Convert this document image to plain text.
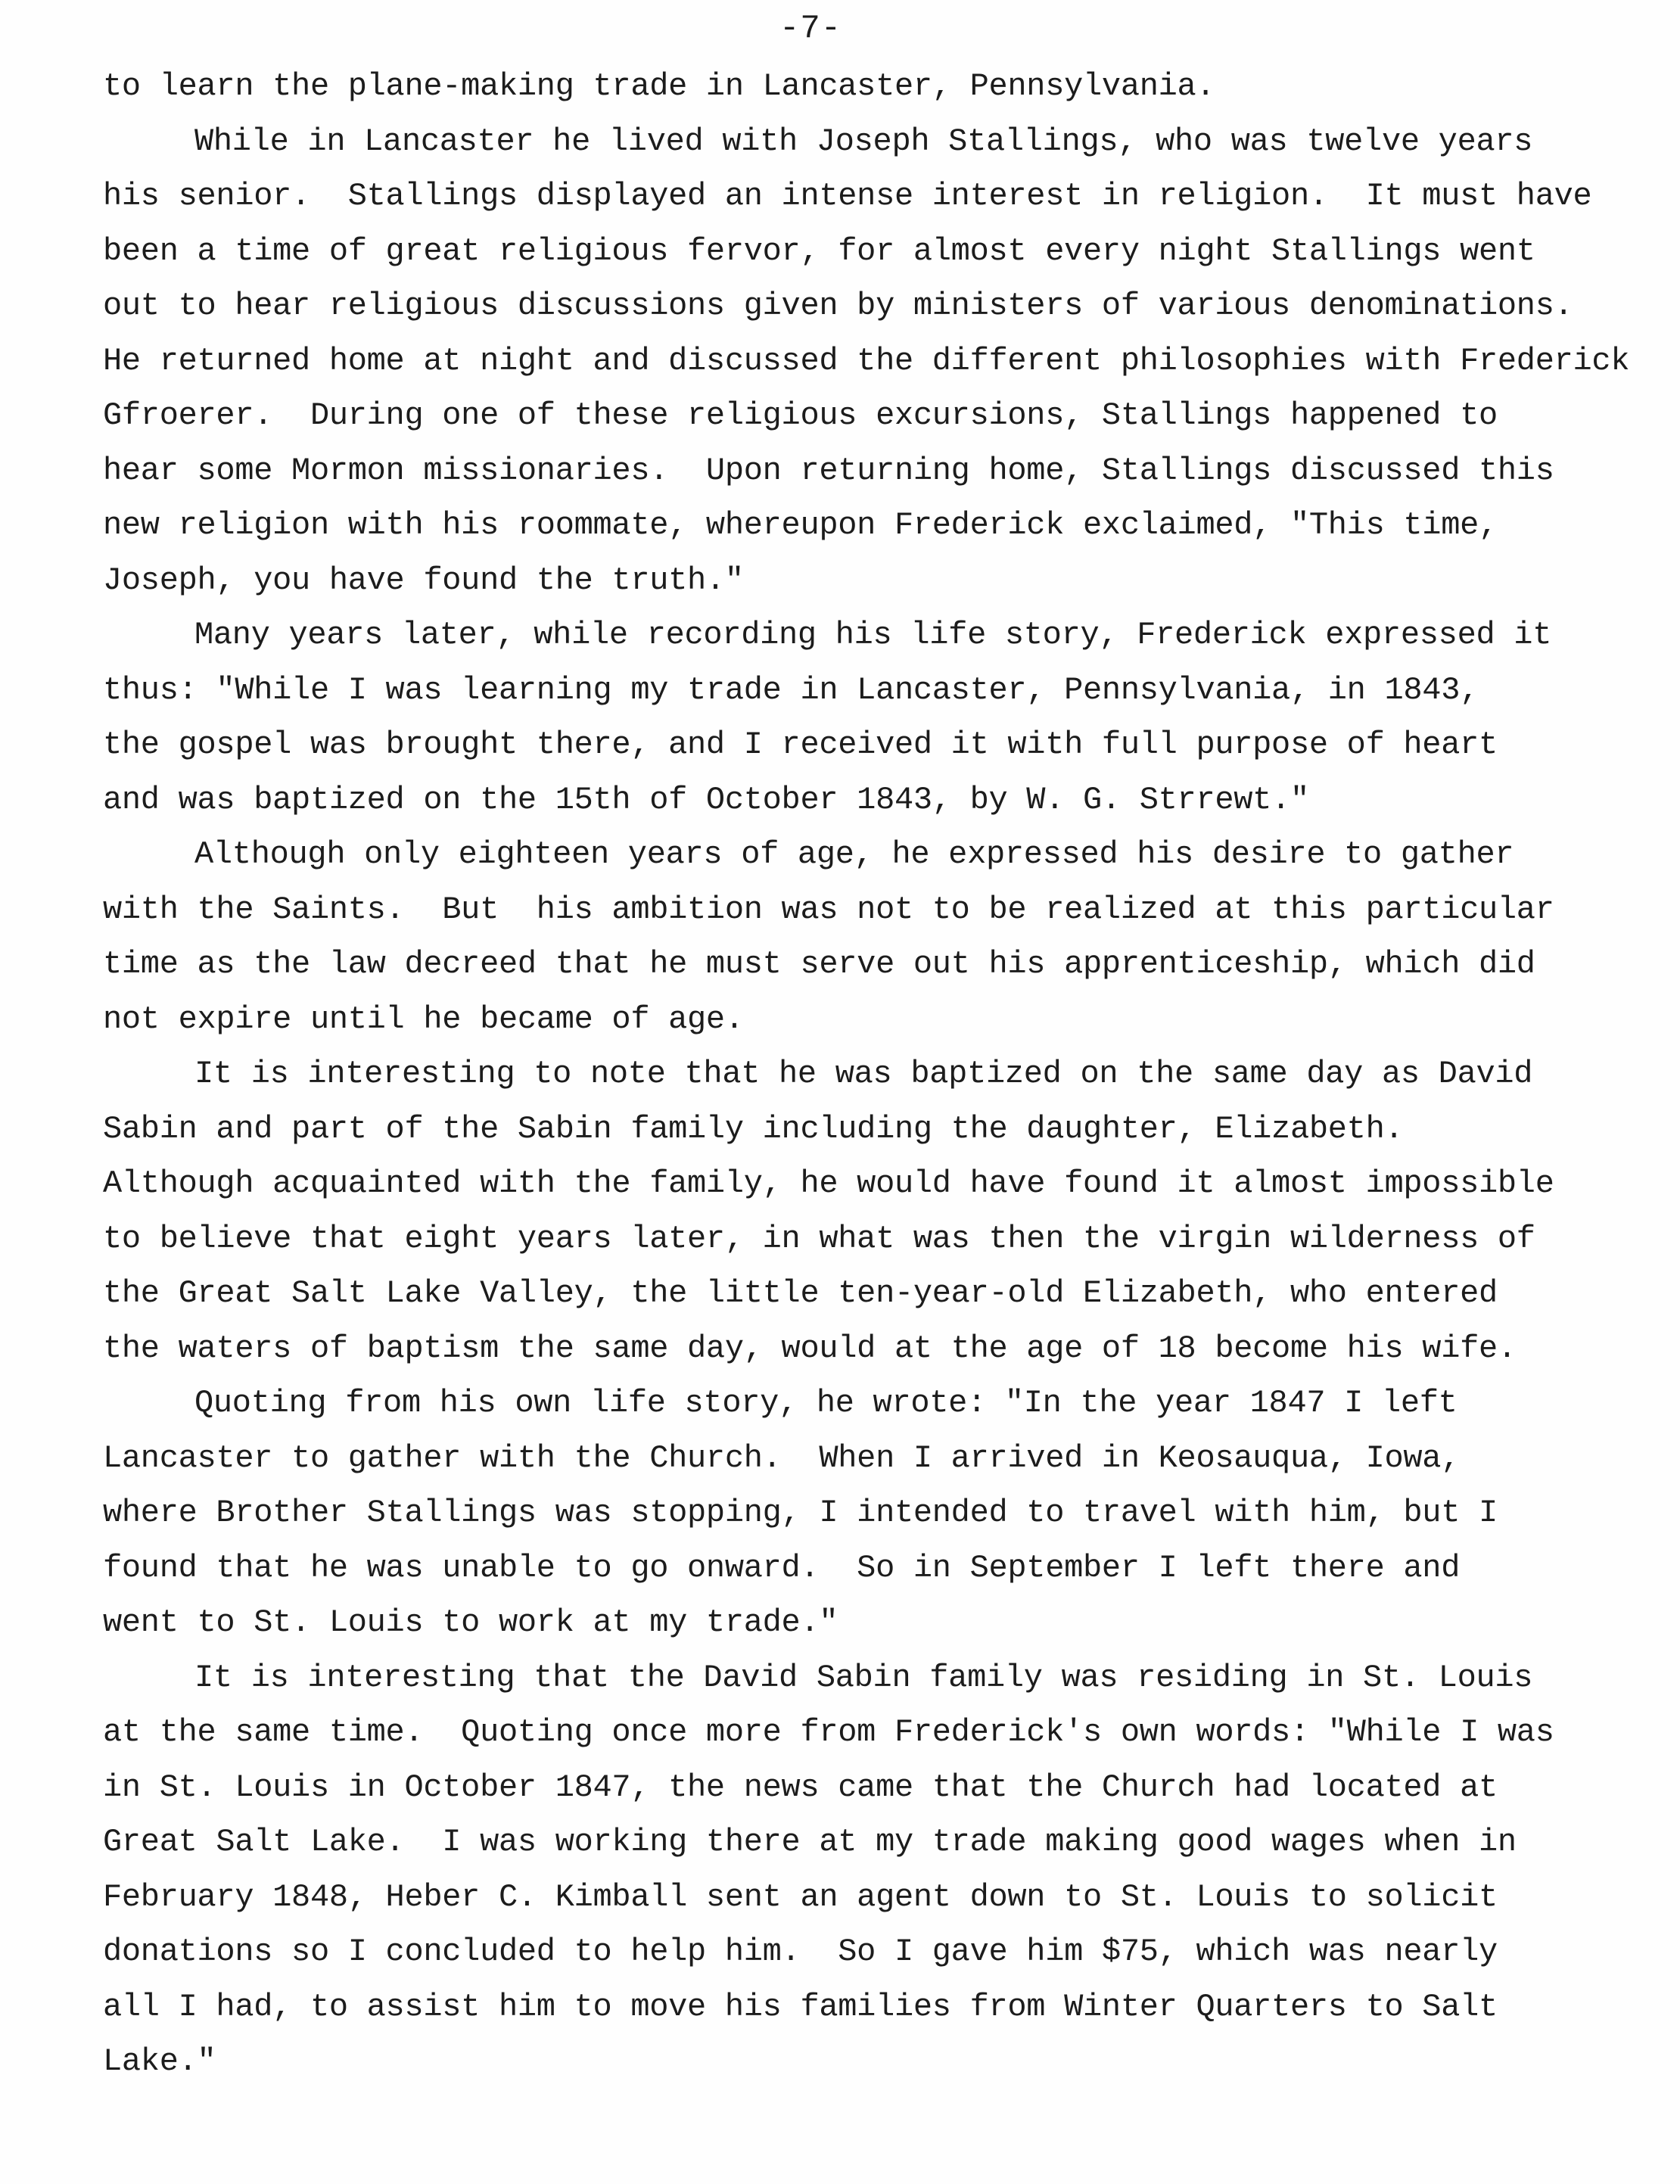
-7-
to learn the plane-making trade in Lancaster, Pennsylvania.
While in Lancaster he lived with Joseph Stallings, who was twelve years
his senior.  Stallings displayed an intense interest in religion.  It must have
been a time of great religious fervor, for almost every night Stallings went
out to hear religious discussions given by ministers of various denominations.
He returned home at night and discussed the different philosophies with Frederick
Gfroerer.  During one of these religious excursions, Stallings happened to
hear some Mormon missionaries.  Upon returning home, Stallings discussed this
new religion with his roommate, whereupon Frederick exclaimed, "This time,
Joseph, you have found the truth."
Many years later, while recording his life story, Frederick expressed it
thus: "While I was learning my trade in Lancaster, Pennsylvania, in 1843,
the gospel was brought there, and I received it with full purpose of heart
and was baptized on the 15th of October 1843, by W. G. Strrewt."
Although only eighteen years of age, he expressed his desire to gather
with the Saints.  But  his ambition was not to be realized at this particular
time as the law decreed that he must serve out his apprenticeship, which did
not expire until he became of age.
It is interesting to note that he was baptized on the same day as David
Sabin and part of the Sabin family including the daughter, Elizabeth.
Although acquainted with the family, he would have found it almost impossible
to believe that eight years later, in what was then the virgin wilderness of
the Great Salt Lake Valley, the little ten-year-old Elizabeth, who entered
the waters of baptism the same day, would at the age of 18 become his wife.
Quoting from his own life story, he wrote: "In the year 1847 I left
Lancaster to gather with the Church.  When I arrived in Keosauqua, Iowa,
where Brother Stallings was stopping, I intended to travel with him, but I
found that he was unable to go onward.  So in September I left there and
went to St. Louis to work at my trade."
It is interesting that the David Sabin family was residing in St. Louis
at the same time.  Quoting once more from Frederick's own words: "While I was
in St. Louis in October 1847, the news came that the Church had located at
Great Salt Lake.  I was working there at my trade making good wages when in
February 1848, Heber C. Kimball sent an agent down to St. Louis to solicit
donations so I concluded to help him.  So I gave him $75, which was nearly
all I had, to assist him to move his families from Winter Quarters to Salt
Lake."
